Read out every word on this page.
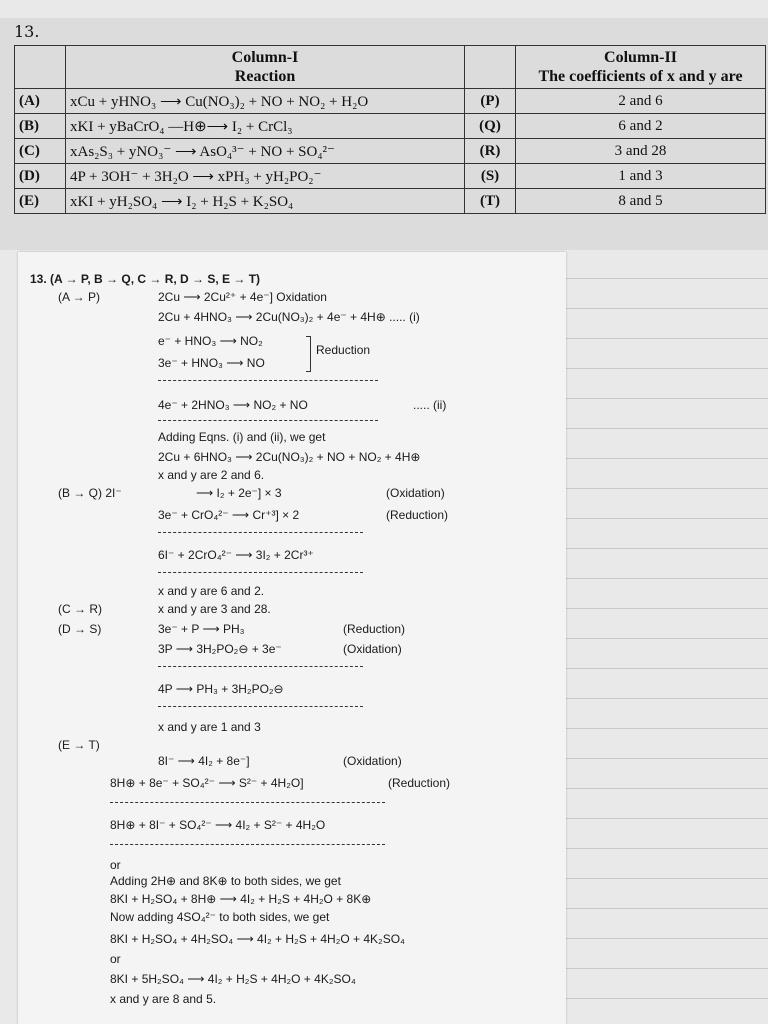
13.
	Column-I
Reaction		Column-II
The coefficients of x and y are
(A)	xCu + yHNO₃ ⟶ Cu(NO₃)₂ + NO + NO₂ + H₂O	(P)	2 and 6
(B)	xKI + yBaCrO₄ —H⊕⟶ I₂ + CrCl₃	(Q)	6 and 2
(C)	xAs₂S₃ + yNO₃⁻ ⟶ AsO₄³⁻ + NO + SO₄²⁻	(R)	3 and 28
(D)	4P + 3OH⁻ + 3H₂O ⟶ xPH₃ + yH₂PO₂⁻	(S)	1 and 3
(E)	xKI + yH₂SO₄ ⟶ I₂ + H₂S + K₂SO₄	(T)	8 and 5
13. (A → P, B → Q, C → R, D → S, E → T)
(A → P)	2Cu ⟶ 2Cu²⁺ + 4e⁻] Oxidation
2Cu + 4HNO₃ ⟶ 2Cu(NO₃)₂ + 4e⁻ + 4H⊕ ..... (i)
e⁻ + HNO₃ ⟶ NO₂
Reduction
3e⁻ + HNO₃ ⟶ NO
4e⁻ + 2HNO₃ ⟶ NO₂ + NO	..... (ii)
Adding Eqns. (i) and (ii), we get
2Cu + 6HNO₃ ⟶ 2Cu(NO₃)₂ + NO + NO₂ + 4H⊕
x and y are 2 and 6.
(B → Q) 2I⁻	⟶ I₂ + 2e⁻] × 3	(Oxidation)
3e⁻ + CrO₄²⁻ ⟶ Cr⁺³] × 2	(Reduction)
6I⁻ + 2CrO₄²⁻ ⟶ 3I₂ + 2Cr³⁺
x and y are 6 and 2.
(C → R)	x and y are 3 and 28.
(D → S)	3e⁻ + P ⟶ PH₃	(Reduction)
3P ⟶ 3H₂PO₂⊖ + 3e⁻	(Oxidation)
4P ⟶ PH₃ + 3H₂PO₂⊖
x and y are 1 and 3
(E → T)
8I⁻ ⟶ 4I₂ + 8e⁻]	(Oxidation)
8H⊕ + 8e⁻ + SO₄²⁻ ⟶ S²⁻ + 4H₂O]	(Reduction)
8H⊕ + 8I⁻ + SO₄²⁻ ⟶ 4I₂ + S²⁻ + 4H₂O
or
Adding 2H⊕ and 8K⊕ to both sides, we get
8KI + H₂SO₄ + 8H⊕ ⟶ 4I₂ + H₂S + 4H₂O + 8K⊕
Now adding 4SO₄²⁻ to both sides, we get
8KI + H₂SO₄ + 4H₂SO₄ ⟶ 4I₂ + H₂S + 4H₂O + 4K₂SO₄
or
8KI + 5H₂SO₄ ⟶ 4I₂ + H₂S + 4H₂O + 4K₂SO₄
x and y are 8 and 5.
